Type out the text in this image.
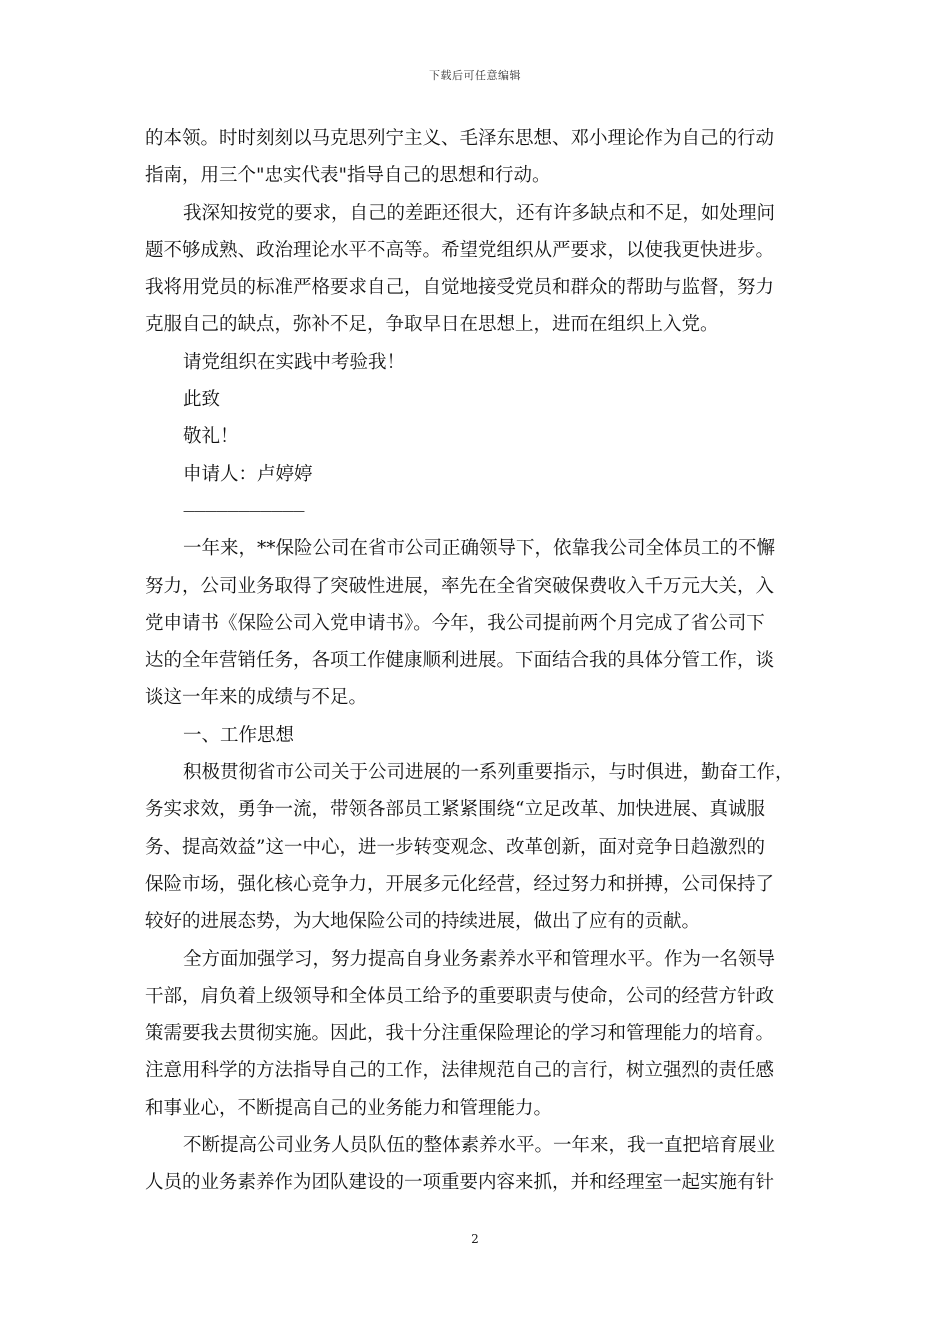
下载后可任意编辑
的本领。时时刻刻以马克思列宁主义、毛泽东思想、邓小理论作为自己的行动
指南，用三个"忠实代表"指导自己的思想和行动。
我深知按党的要求，自己的差距还很大，还有许多缺点和不足，如处理问
题不够成熟、政治理论水平不高等。希望党组织从严要求，以使我更快进步。
我将用党员的标准严格要求自己，自觉地接受党员和群众的帮助与监督，努力
克服自己的缺点，弥补不足，争取早日在思想上，进而在组织上入党。
请党组织在实践中考验我！
此致
敬礼！
申请人：卢婷婷
———————————
一年来，**保险公司在省市公司正确领导下，依靠我公司全体员工的不懈
努力，公司业务取得了突破性进展，率先在全省突破保费收入千万元大关，入
党申请书《保险公司入党申请书》。今年，我公司提前两个月完成了省公司下
达的全年营销任务，各项工作健康顺利进展。下面结合我的具体分管工作，谈
谈这一年来的成绩与不足。
一、工作思想
积极贯彻省市公司关于公司进展的一系列重要指示，与时俱进，勤奋工作，
务实求效，勇争一流，带领各部员工紧紧围绕“立足改革、加快进展、真诚服
务、提高效益”这一中心，进一步转变观念、改革创新，面对竞争日趋激烈的
保险市场，强化核心竞争力，开展多元化经营，经过努力和拼搏，公司保持了
较好的进展态势，为大地保险公司的持续进展，做出了应有的贡献。
全方面加强学习，努力提高自身业务素养水平和管理水平。作为一名领导
干部，肩负着上级领导和全体员工给予的重要职责与使命，公司的经营方针政
策需要我去贯彻实施。因此，我十分注重保险理论的学习和管理能力的培育。
注意用科学的方法指导自己的工作，法律规范自己的言行，树立强烈的责任感
和事业心，不断提高自己的业务能力和管理能力。
不断提高公司业务人员队伍的整体素养水平。一年来，我一直把培育展业
人员的业务素养作为团队建设的一项重要内容来抓，并和经理室一起实施有针
2
